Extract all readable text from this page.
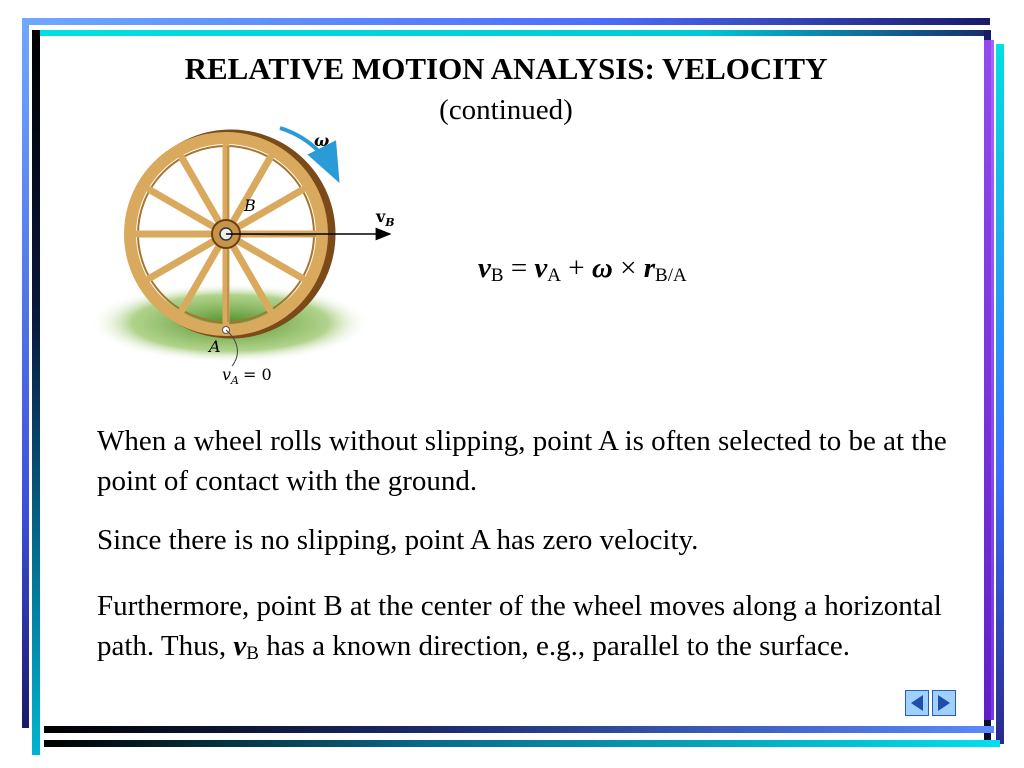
RELATIVE MOTION ANALYSIS: VELOCITY
(continued)
ω
B
$v_B$
A
$v_A = 0$
$v_B = v_A + \omega \times r_{B/A}$
When a wheel rolls without slipping, point A is often selected to be at the point of contact with the ground.
Since there is no slipping, point A has zero velocity.
Furthermore, point B at the center of the wheel moves along a horizontal path. Thus, $v_B$ has a known direction, e.g., parallel to the surface.
